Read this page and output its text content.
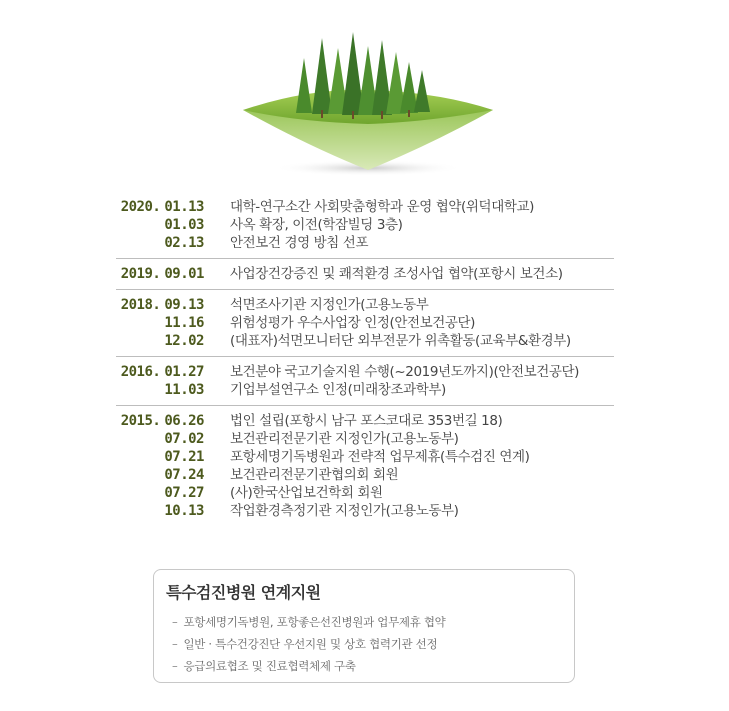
2020. 01.13 대학-연구소간 사회맞춤형학과 운영 협약(위덕대학교)
01.03 사옥 확장, 이전(학잠빌딩 3층)
02.13 안전보건 경영 방침 선포
2019. 09.01 사업장건강증진 및 쾌적환경 조성사업 협약(포항시 보건소)
2018. 09.13 석면조사기관 지정인가(고용노동부
11.16 위험성평가 우수사업장 인정(안전보건공단)
12.02 (대표자)석면모니터단 외부전문가 위촉활동(교육부&환경부)
2016. 01.27 보건분야 국고기술지원 수행(~2019년도까지)(안전보건공단)
11.03 기업부설연구소 인정(미래창조과학부)
2015. 06.26 법인 설립(포항시 남구 포스코대로 353번길 18)
07.02 보건관리전문기관 지정인가(고용노동부)
07.21 포항세명기독병원과 전략적 업무제휴(특수검진 연계)
07.24 보건관리전문기관협의회 회원
07.27 (사)한국산업보건학회 회원
10.13 작업환경측정기관 지정인가(고용노동부)
특수검진병원 연계지원
– 포항세명기독병원, 포항좋은선진병원과 업무제휴 협약
– 일반 · 특수건강진단 우선지원 및 상호 협력기관 선정
– 응급의료협조 및 진료협력체제 구축
